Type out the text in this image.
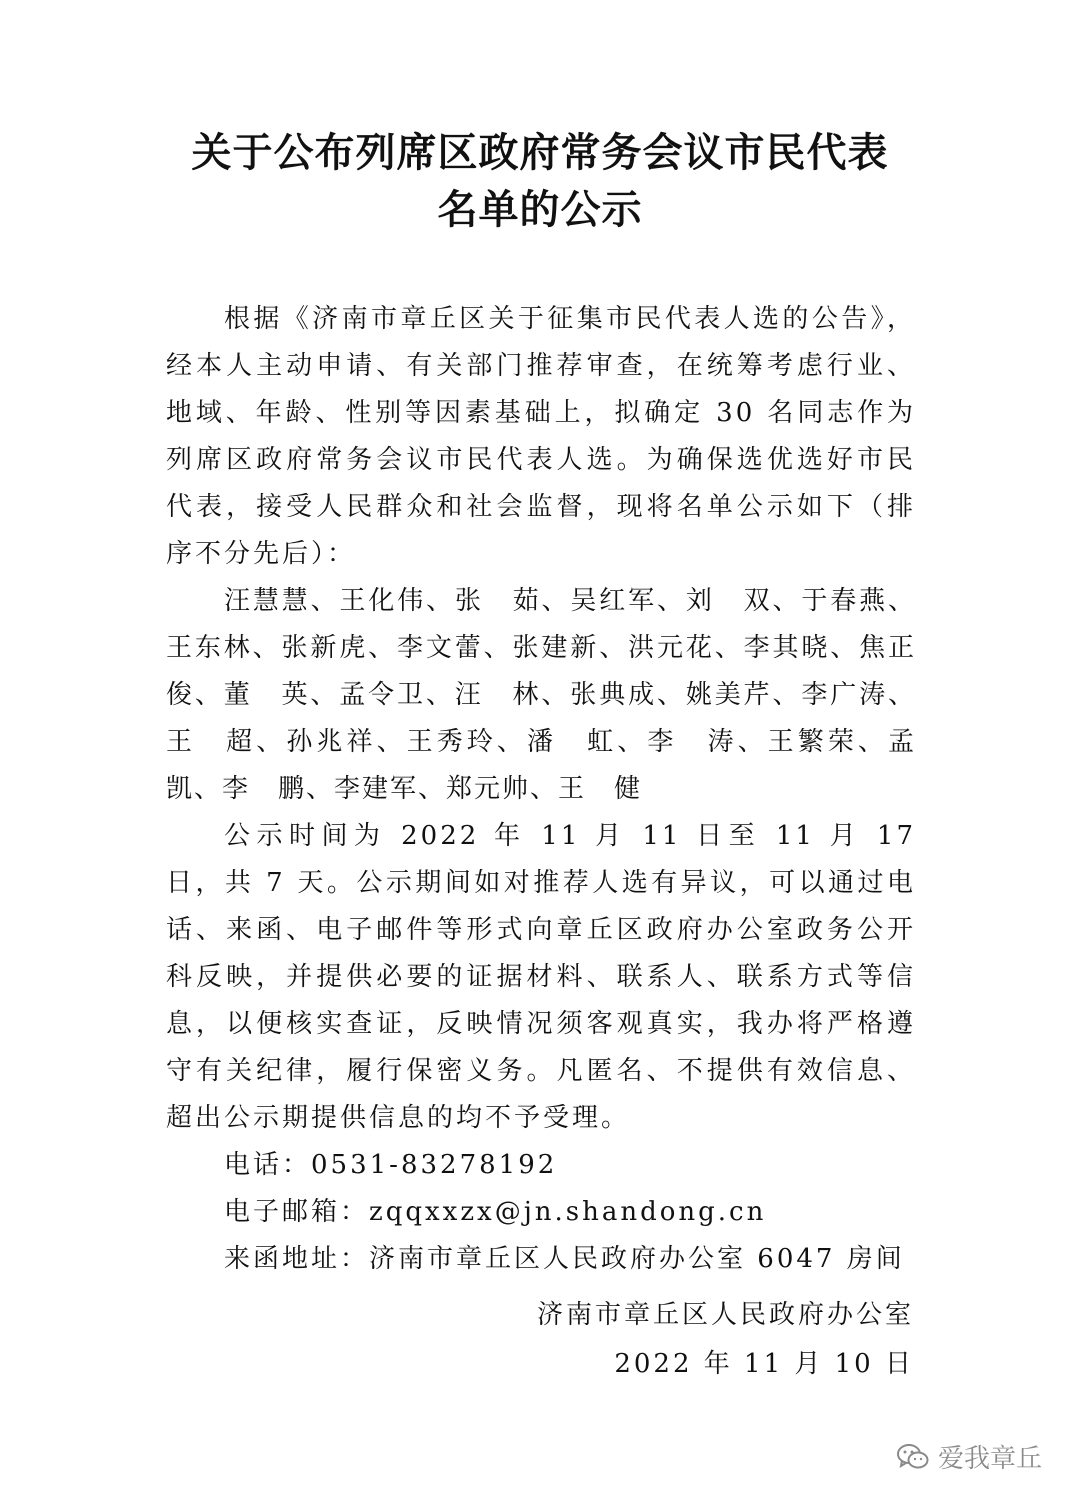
关于公布列席区政府常务会议市民代表
名单的公示

根据《济南市章丘区关于征集市民代表人选的公告》，经本人主动申请、有关部门推荐审查，在统筹考虑行业、地域、年龄、性别等因素基础上，拟确定 30 名同志作为列席区政府常务会议市民代表人选。为确保选优选好市民代表，接受人民群众和社会监督，现将名单公示如下（排序不分先后）：

汪慧慧、王化伟、张　茹、吴红军、刘　双、于春燕、王东林、张新虎、李文蕾、张建新、洪元花、李其晓、焦正俊、董　英、孟令卫、汪　林、张典成、姚美芹、李广涛、王　超、孙兆祥、王秀玲、潘　虹、李　涛、王繁荣、孟　凯、李　鹏、李建军、郑元帅、王　健

公示时间为 2022 年 11 月 11 日至 11 月 17 日，共 7 天。公示期间如对推荐人选有异议，可以通过电话、来函、电子邮件等形式向章丘区政府办公室政务公开科反映，并提供必要的证据材料、联系人、联系方式等信息，以便核实查证，反映情况须客观真实，我办将严格遵守有关纪律，履行保密义务。凡匿名、不提供有效信息、超出公示期提供信息的均不予受理。

电话：0531-83278192

电子邮箱：zqqxxzx@jn.shandong.cn

来函地址：济南市章丘区人民政府办公室 6047 房间

济南市章丘区人民政府办公室
2022 年 11 月 10 日
爱我章丘
